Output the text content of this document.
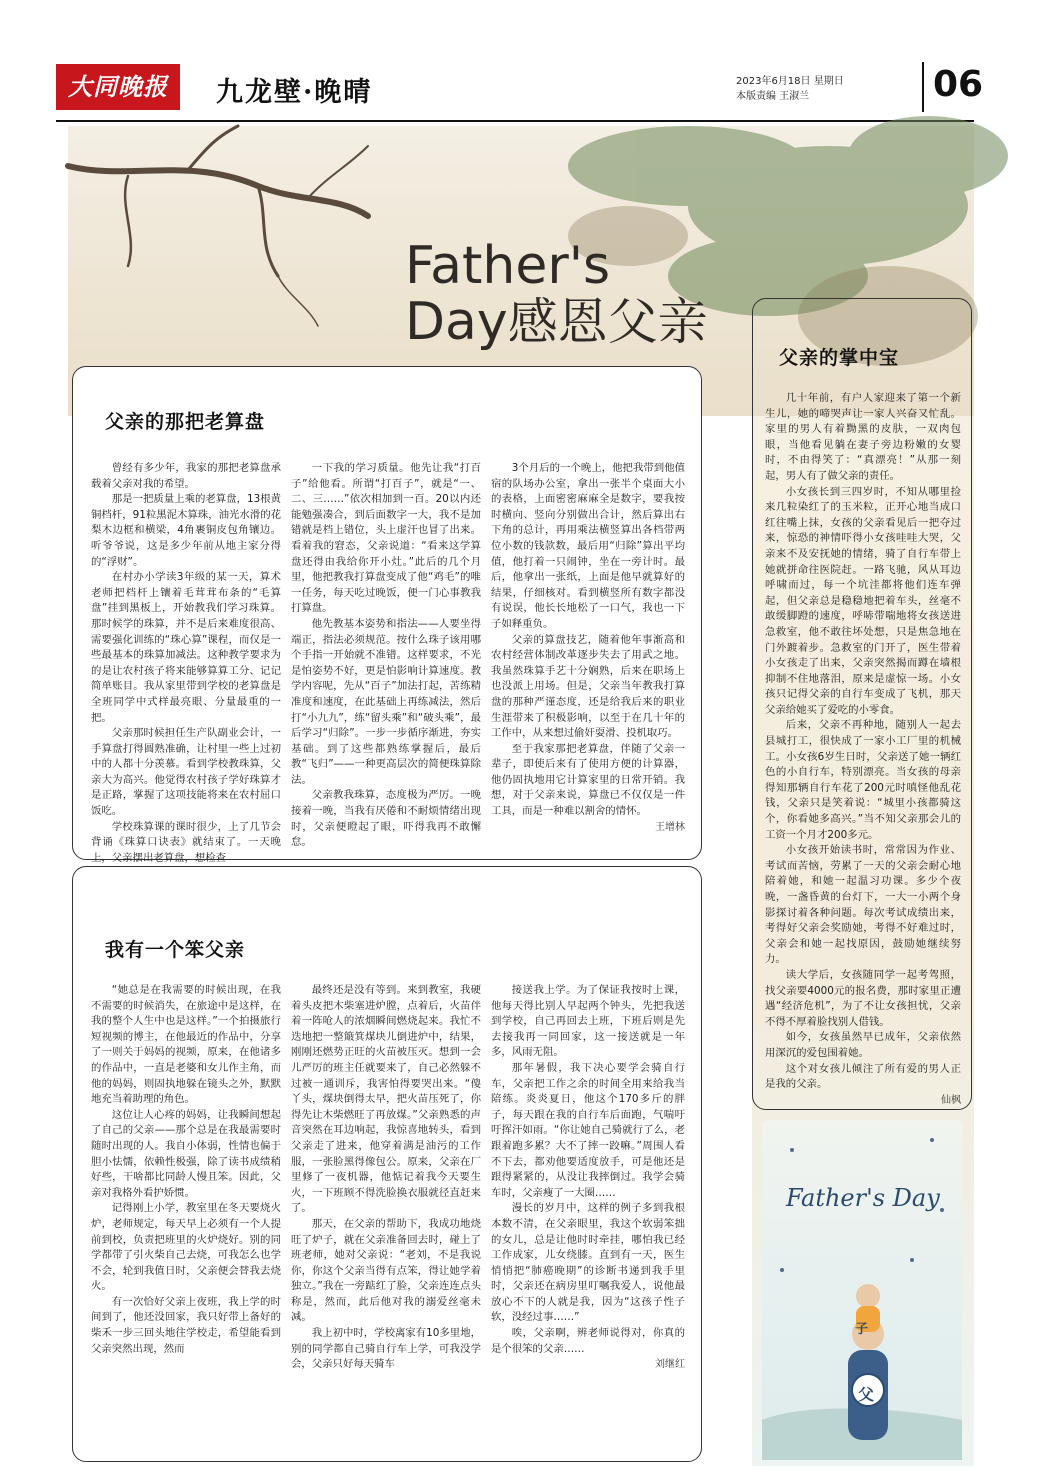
大同晚报	九龙壁·晚晴	2023年6月18日 星期日
本版责编 王淑兰	06
Father's
Day感恩父亲
父亲的那把老算盘

曾经有多少年，我家的那把老算盘承载着父亲对我的希望。

那是一把质量上乘的老算盘，13根黄铜档杆，91粒黑泥木算珠，油光水滑的花梨木边框和横梁，4角裹铜皮包角镶边。听爷爷说，这是多少年前从地主家分得的“浮财”。

在村办小学读3年级的某一天，算术老师把档杆上镶着毛茸茸布条的“毛算盘”挂到黑板上，开始教我们学习珠算。那时候学的珠算，并不是后来难度很高、需要强化训练的“珠心算”课程，而仅是一些最基本的珠算加减法。这种教学要求为的是让农村孩子将来能够算算工分、记记简单账目。我从家里带到学校的老算盘是全班同学中式样最亮眼、分量最重的一把。

父亲那时候担任生产队副业会计，一手算盘打得圆熟准确，让村里一些上过初中的人都十分羡慕。看到学校教珠算，父亲大为高兴。他觉得农村孩子学好珠算才是正路，掌握了这项技能将来在农村屈口饭吃。

学校珠算课的课时很少，上了几节会背诵《珠算口诀表》就结束了。一天晚上，父亲摆出老算盘，想检查

一下我的学习质量。他先让我“打百子”给他看。所谓“打百子”，就是“一、二、三……”依次相加到一百。20以内还能勉强凑合，到后面数字一大，我不是加错就是档上错位，头上虚汗也冒了出来。看着我的窘态，父亲说道：“看来这学算盘还得由我给你开小灶。”此后的几个月里，他把教我打算盘变成了他“鸡毛”的唯一任务，每天吃过晚饭，便一门心事教我打算盘。

他先教基本姿势和指法——人要坐得端正，指法必须规范。按什么珠子该用哪个手指一开始就不准错。这样要求，不光是怕姿势不好，更是怕影响计算速度。教学内容呢，先从“百子”加法打起，苦练精准度和速度，在此基础上再练减法，然后打“小九九”，练“留头乘”和“破头乘”，最后学习“归除”。一步一步循序渐进，夯实基础。到了这些都熟练掌握后，最后教“飞归”——一种更高层次的简便珠算除法。

父亲教我珠算，态度极为严厉。一晚接着一晚，当我有厌倦和不耐烦情绪出现时，父亲便瞪起了眼，吓得我再不敢懈怠。

3个月后的一个晚上，他把我带到他值宿的队场办公室，拿出一张半个桌面大小的表格，上面密密麻麻全是数字，要我按时横向、竖向分别做出合计，然后算出右下角的总计，再用乘法横竖算出各档带两位小数的钱款数，最后用“归除”算出平均值，他打着一只闹钟，坐在一旁计时。最后，他拿出一张纸，上面是他早就算好的结果，仔细核对。看到横竖所有数字都没有说误，他长长地松了一口气，我也一下子如释重负。

父亲的算盘技艺，随着他年事渐高和农村经营体制改革逐步失去了用武之地。我虽然珠算手艺十分娴熟，后来在职场上也没派上用场。但是，父亲当年教我打算盘的那种严谨态度，还是给我后来的职业生涯带来了积极影响，以至于在几十年的工作中，从来想过偷奸耍滑、投机取巧。

至于我家那把老算盘，伴随了父亲一辈子，即使后来有了使用方便的计算器，他仍固执地用它计算家里的日常开销。我想，对于父亲来说，算盘已不仅仅是一件工具，而是一种难以割舍的情怀。

王增林
我有一个笨父亲

“她总是在我需要的时候出现，在我不需要的时候消失，在旅途中是这样，在我的整个人生中也是这样。”一个拍摄旅行短视频的博主，在他最近的作品中，分享了一则关于妈妈的视频，原来，在他诸多的作品中，一直是老婆和女儿作主角，而他的妈妈，则固执地躲在镜头之外，默默地充当着助理的角色。

这位让人心疼的妈妈，让我瞬间想起了自己的父亲——那个总是在我最需要时随时出现的人。我自小体弱，性情也偏于胆小怯懦，依赖性极强，除了读书成绩稍好些，干啥都比同龄人慢且笨。因此，父亲对我格外看护娇惯。

记得刚上小学，教室里在冬天要烧火炉，老师规定，每天早上必须有一个人提前到校，负责把班里的火炉烧好。别的同学都带了引火柴自己去烧，可我怎么也学不会，轮到我值日时，父亲便会替我去烧火。

有一次恰好父亲上夜班，我上学的时间到了，他还没回家，我只好带上备好的柴禾一步三回头地往学校走，希望能看到父亲突然出现，然而

最终还是没有等到。来到教室，我硬着头皮把木柴塞进炉膛，点着后，火苗伴着一阵呛人的浓烟瞬间燃烧起来。我忙不迭地把一整簸箕煤块儿倒进炉中，结果，刚刚还燃势正旺的火苗被压灭。想到一会儿严厉的班主任就要来了，自己必然躲不过被一通训斥，我害怕得要哭出来。“傻丫头，煤块倒得太早，把火苗压死了，你得先让木柴燃旺了再放煤。”父亲熟悉的声音突然在耳边响起，我惊喜地转头，看到父亲走了进来，他穿着满是油污的工作服，一张脸黑得像包公。原来，父亲在厂里修了一夜机器，他惦记着我今天要生火，一下班顾不得洗脸换衣服就径直赶来了。

那天，在父亲的帮助下，我成功地烧旺了炉子，就在父亲准备回去时，碰上了班老师，她对父亲说：“老刘，不是我说你，你这个父亲当得有点笨，得让她学着独立。”我在一旁踮红了脸，父亲连连点头称是，然而，此后他对我的溺爱丝毫未减。

我上初中时，学校离家有10多里地，别的同学都自己骑自行车上学，可我没学会，父亲只好每天骑车

接送我上学。为了保证我按时上课，他每天得比别人早起两个钟头，先把我送到学校，自己再回去上班，下班后则是先去接我再一同回家，这一接送就是一年多，风雨无阻。

那年暑假，我下决心要学会骑自行车，父亲把工作之余的时间全用来给我当陪练。炎炎夏日，他这个170多斤的胖子，每天跟在我的自行车后面跑，气喘吁吁挥汗如雨。“你让她自己骑就行了么，老跟着跑多累？大不了摔一跤嘛。”周围人看不下去，都劝他要适度放手，可是他还是跟得紧紧的，从没让我摔倒过。我学会骑车时，父亲瘦了一大圈……

漫长的岁月中，这样的例子多到我根本数不清，在父亲眼里，我这个软弱笨拙的女儿，总是让他时时牵挂，哪怕我已经工作成家，儿女绕膝。直到有一天，医生悄悄把“肺癌晚期”的诊断书递到我手里时，父亲还在病房里叮嘱我爱人，说他最放心不下的人就是我，因为“这孩子性子软，没经过事……”

唉，父亲啊，辨老师说得对，你真的是个很笨的父亲……

刘继红
父亲的掌中宝

几十年前，有户人家迎来了第一个新生儿，她的啼哭声让一家人兴奋又忙乱。家里的男人有着黝黑的皮肤，一双肉包眼，当他看见躺在妻子旁边粉嫩的女婴时，不由得笑了：“真漂亮！”从那一刻起，男人有了做父亲的责任。

小女孩长到三四岁时，不知从哪里捡来几粒染红了的玉米粒，正开心地当成口红往嘴上抹，女孩的父亲看见后一把夺过来，惊恐的神情吓得小女孩哇哇大哭，父亲来不及安抚她的情绪，骑了自行车带上她就拼命往医院赶。一路飞驰，风从耳边呼啸而过，每一个坑洼都将他们连车弹起，但父亲总是稳稳地把着车头，丝毫不敢缓脚蹬的速度，呼哧带喘地将女孩送进急救室，他不敢往坏处想，只是焦急地在门外踱着步。急救室的门开了，医生带着小女孩走了出来，父亲突然揭而蹲在墙根抑制不住地落泪，原来是虚惊一场。小女孩只记得父亲的自行车变成了飞机，那天父亲给她买了爱吃的小零食。

后来，父亲不再种地，随别人一起去县城打工，很快成了一家小工厂里的机械工。小女孩6岁生日时，父亲送了她一辆红色的小自行车，特别漂亮。当女孩的母亲得知那辆自行车花了200元时嗔怪他乱花钱，父亲只是笑着说：“城里小孩都骑这个，你看她多高兴。”当不知父亲那会儿的工资一个月才200多元。

小女孩开始读书时，常常因为作业、考试而苦恼，劳累了一天的父亲会耐心地陪着她，和她一起温习功课。多少个夜晚，一盏昏黄的台灯下，一大一小两个身影探讨着各种问题。每次考试成绩出来，考得好父亲会奖励她，考得不好难过时，父亲会和她一起找原因，鼓励她继续努力。

读大学后，女孩随同学一起考驾照，找父亲要4000元的报名费，那时家里正遭遇“经济危机”，为了不让女孩担忧，父亲不得不厚着脸找别人借钱。

如今，女孩虽然早已成年，父亲依然用深沉的爱包围着她。

这个对女孩儿倾注了所有爱的男人正是我的父亲。

仙枫
Father's Day
子
父
